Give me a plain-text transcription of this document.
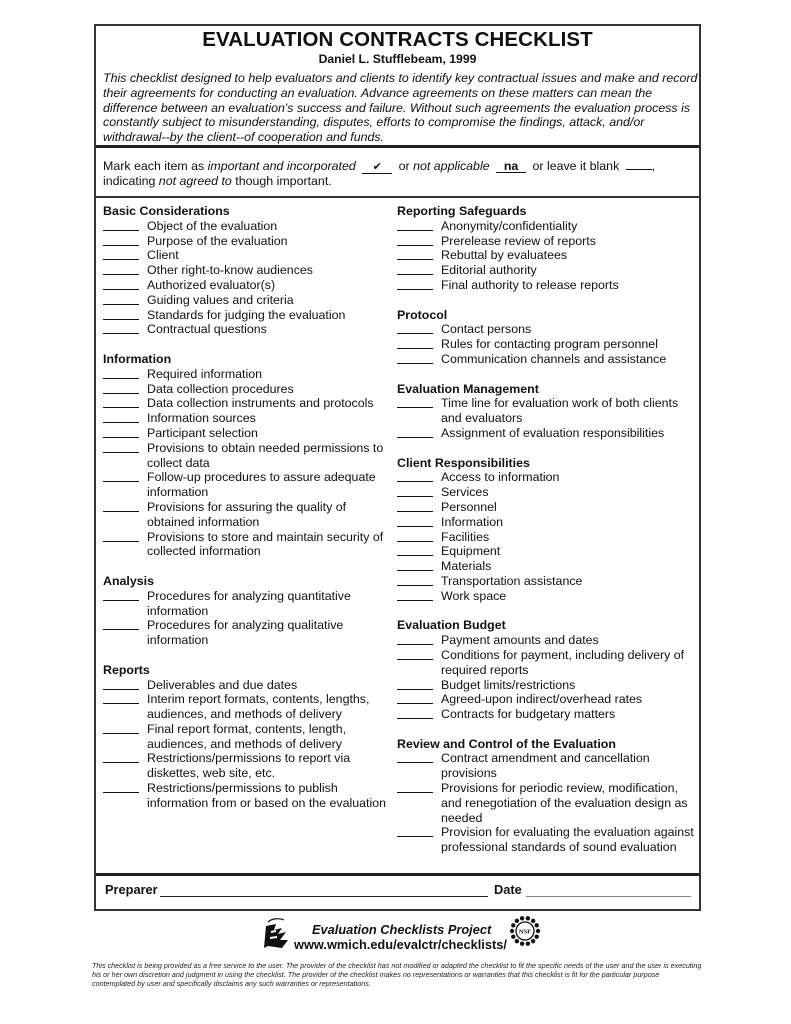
EVALUATION CONTRACTS CHECKLIST
Daniel L. Stufflebeam, 1999
This checklist designed to help evaluators and clients to identify key contractual issues and make and record their agreements for conducting an evaluation. Advance agreements on these matters can mean the difference between an evaluation's success and failure. Without such agreements the evaluation process is constantly subject to misunderstanding, disputes, efforts to compromise the findings, attack, and/or withdrawal--by the client--of cooperation and funds.
Mark each item as important and incorporated ✔ or not applicable na or leave it blank ,
indicating not agreed to though important.
Basic Considerations
Object of the evaluation
Purpose of the evaluation
Client
Other right-to-know audiences
Authorized evaluator(s)
Guiding values and criteria
Standards for judging the evaluation
Contractual questions
Information
Required information
Data collection procedures
Data collection instruments and protocols
Information sources
Participant selection
Provisions to obtain needed permissions to collect data
Follow-up procedures to assure adequate information
Provisions for assuring the quality of  obtained information
Provisions to store and maintain security of collected information
Analysis
Procedures for analyzing quantitative information
Procedures for analyzing qualitative  information
Reports
Deliverables and due dates
Interim report formats, contents, lengths, audiences, and methods of delivery
Final report format, contents, length, audiences, and methods of delivery
Restrictions/permissions to report via diskettes, web site, etc.
Restrictions/permissions to publish information from or based on the evaluation
Reporting Safeguards
Anonymity/confidentiality
Prerelease review of reports
Rebuttal by evaluatees
Editorial authority
Final authority to release reports
Protocol
Contact persons
Rules for contacting program personnel
Communication channels and assistance
Evaluation Management
Time line for evaluation work of both clients and evaluators
Assignment of evaluation responsibilities
Client Responsibilities
Access to information
Services
Personnel
Information
Facilities
Equipment
Materials
Transportation assistance
Work space
Evaluation Budget
Payment amounts and dates
Conditions for payment, including delivery of required reports
Budget limits/restrictions
Agreed-upon indirect/overhead rates
Contracts for budgetary matters
Review and Control of the Evaluation
Contract amendment and cancellation provisions
Provisions for periodic review, modification, and renegotiation of the evaluation design as needed
Provision for evaluating the evaluation against professional standards of sound evaluation
Preparer	Date
Evaluation Checklists Project
www.wmich.edu/evalctr/checklists/
NSF
This checklist is being provided as a free service to the user. The provider of the checklist has not modified or adapted the checklist to fit the specific needs of the user and the user is executing his or her own discretion and judgment in using the checklist. The provider of the checklist makes no representations or warranties that this checklist is fit for the particular purpose contemplated by user and specifically disclaims any such warranties or representations.
